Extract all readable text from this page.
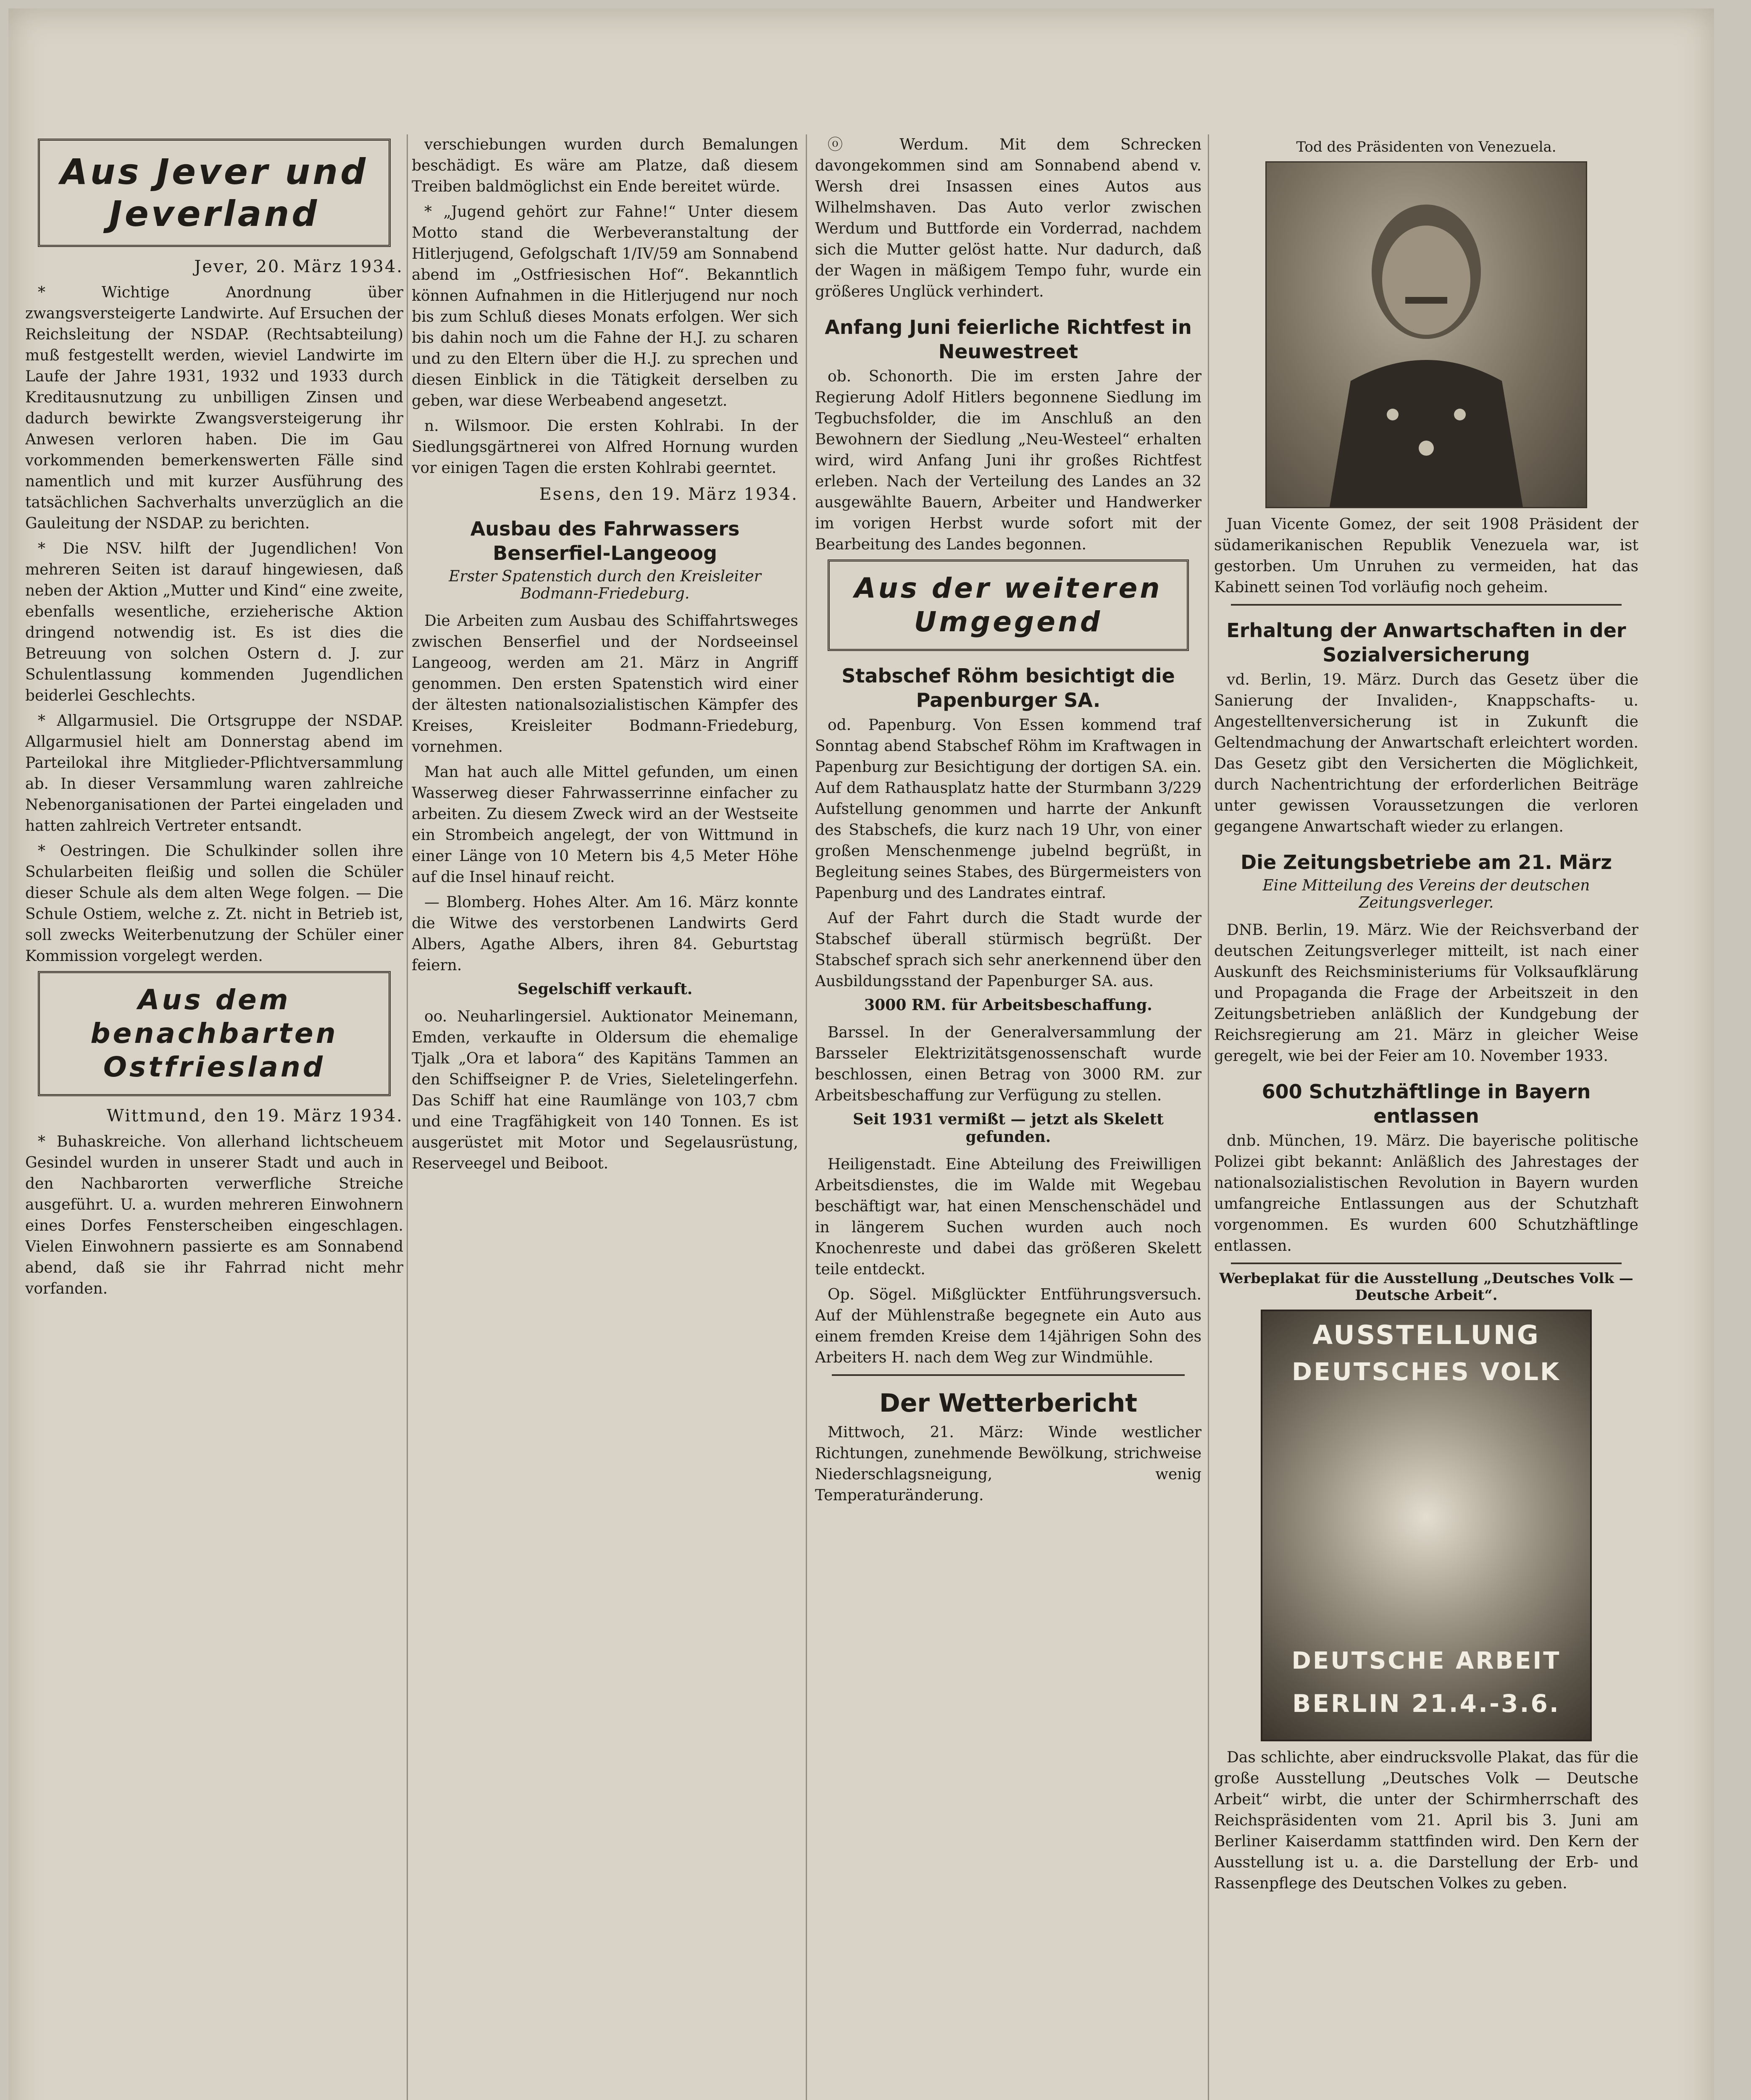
Aus Jever und Jeverland
Jever, 20. März 1934.

* Wichtige Anordnung über zwangsversteigerte Landwirte. Auf Ersuchen der Reichsleitung der NSDAP. (Rechtsabteilung) muß festgestellt werden, wieviel Landwirte im Laufe der Jahre 1931, 1932 und 1933 durch Kreditausnutzung zu unbilligen Zinsen und dadurch bewirkte Zwangsversteigerung ihr Anwesen verloren haben. Die im Gau vorkommenden bemerkenswerten Fälle sind namentlich und mit kurzer Ausführung des tatsächlichen Sachverhalts unverzüglich an die Gauleitung der NSDAP. zu berichten.

* Die NSV. hilft der Jugendlichen! Von mehreren Seiten ist darauf hingewiesen, daß neben der Aktion „Mutter und Kind“ eine zweite, ebenfalls wesentliche, erzieherische Aktion dringend notwendig ist. Es ist dies die Betreuung von solchen Ostern d. J. zur Schulentlassung kommenden Jugendlichen beiderlei Geschlechts.

* Allgarmusiel. Die Ortsgruppe der NSDAP. Allgarmusiel hielt am Donnerstag abend im Parteilokal ihre Mitglieder-Pflichtversammlung ab. In dieser Versammlung waren zahlreiche Nebenorganisationen der Partei eingeladen und hatten zahlreich Vertreter entsandt.

* Oestringen. Die Schulkinder sollen ihre Schularbeiten fleißig und sollen die Schüler dieser Schule als dem alten Wege folgen. — Die Schule Ostiem, welche z. Zt. nicht in Betrieb ist, soll zwecks Weiterbenutzung der Schüler einer Kommission vorgelegt werden.

Aus dem benachbarten Ostfriesland
Wittmund, den 19. März 1934.

* Buhaskreiche. Von allerhand lichtscheuem Gesindel wurden in unserer Stadt und auch in den Nachbarorten verwerfliche Streiche ausgeführt. U. a. wurden mehreren Einwohnern eines Dorfes Fensterscheiben eingeschlagen. Vielen Einwohnern passierte es am Sonnabend abend, daß sie ihr Fahrrad nicht mehr vorfanden.

verschiebungen wurden durch Bemalungen beschädigt. Es wäre am Platze, daß diesem Treiben baldmöglichst ein Ende bereitet würde.

* „Jugend gehört zur Fahne!“ Unter diesem Motto stand die Werbeveranstaltung der Hitlerjugend, Gefolgschaft 1/IV/59 am Sonnabend abend im „Ostfriesischen Hof“. Bekanntlich können Aufnahmen in die Hitlerjugend nur noch bis zum Schluß dieses Monats erfolgen. Wer sich bis dahin noch um die Fahne der H.J. zu scharen und zu den Eltern über die H.J. zu sprechen und diesen Einblick in die Tätigkeit derselben zu geben, war diese Werbeabend angesetzt.

n. Wilsmoor. Die ersten Kohlrabi. In der Siedlungsgärtnerei von Alfred Hornung wurden vor einigen Tagen die ersten Kohlrabi geerntet.

Esens, den 19. März 1934.
Ausbau des Fahrwassers Benserfiel-Langeoog
Erster Spatenstich durch den Kreisleiter Bodmann-Friedeburg.

Die Arbeiten zum Ausbau des Schiffahrtsweges zwischen Benserfiel und der Nordseeinsel Langeoog, werden am 21. März in Angriff genommen. Den ersten Spatenstich wird einer der ältesten nationalsozialistischen Kämpfer des Kreises, Kreisleiter Bodmann-Friedeburg, vornehmen.

Man hat auch alle Mittel gefunden, um einen Wasserweg dieser Fahrwasserrinne einfacher zu arbeiten. Zu diesem Zweck wird an der Westseite ein Strombeich angelegt, der von Wittmund in einer Länge von 10 Metern bis 4,5 Meter Höhe auf die Insel hinauf reicht.

— Blomberg. Hohes Alter. Am 16. März konnte die Witwe des verstorbenen Landwirts Gerd Albers, Agathe Albers, ihren 84. Geburtstag feiern.

Segelschiff verkauft.

oo. Neuharlingersiel. Auktionator Meinemann, Emden, verkaufte in Oldersum die ehemalige Tjalk „Ora et labora“ des Kapitäns Tammen an den Schiffseigner P. de Vries, Sieletelingerfehn. Das Schiff hat eine Raumlänge von 103,7 cbm und eine Tragfähigkeit von 140 Tonnen. Es ist ausgerüstet mit Motor und Segelausrüstung, Reserveegel und Beiboot.

ⓞ Werdum. Mit dem Schrecken davongekommen sind am Sonnabend abend v. Wersh drei Insassen eines Autos aus Wilhelmshaven. Das Auto verlor zwischen Werdum und Buttforde ein Vorderrad, nachdem sich die Mutter gelöst hatte. Nur dadurch, daß der Wagen in mäßigem Tempo fuhr, wurde ein größeres Unglück verhindert.

Anfang Juni feierliche Richtfest in Neuwestreet

ob. Schonorth. Die im ersten Jahre der Regierung Adolf Hitlers begonnene Siedlung im Tegbuchsfolder, die im Anschluß an den Bewohnern der Siedlung „Neu-Westeel“ erhalten wird, wird Anfang Juni ihr großes Richtfest erleben. Nach der Verteilung des Landes an 32 ausgewählte Bauern, Arbeiter und Handwerker im vorigen Herbst wurde sofort mit der Bearbeitung des Landes begonnen.

Aus der weiteren Umgegend
Stabschef Röhm besichtigt die Papenburger SA.

od. Papenburg. Von Essen kommend traf Sonntag abend Stabschef Röhm im Kraftwagen in Papenburg zur Besichtigung der dortigen SA. ein. Auf dem Rathausplatz hatte der Sturmbann 3/229 Aufstellung genommen und harrte der Ankunft des Stabschefs, die kurz nach 19 Uhr, von einer großen Menschenmenge jubelnd begrüßt, in Begleitung seines Stabes, des Bürgermeisters von Papenburg und des Landrates eintraf.

Auf der Fahrt durch die Stadt wurde der Stabschef überall stürmisch begrüßt. Der Stabschef sprach sich sehr anerkennend über den Ausbildungsstand der Papenburger SA. aus.

3000 RM. für Arbeitsbeschaffung.

Barssel. In der Generalversammlung der Barsseler Elektrizitätsgenossenschaft wurde beschlossen, einen Betrag von 3000 RM. zur Arbeitsbeschaffung zur Verfügung zu stellen.

Seit 1931 vermißt — jetzt als Skelett gefunden.

Heiligenstadt. Eine Abteilung des Freiwilligen Arbeitsdienstes, die im Walde mit Wegebau beschäftigt war, hat einen Menschenschädel und in längerem Suchen wurden auch noch Knochenreste und dabei das größeren Skelett teile entdeckt.

Op. Sögel. Mißglückter Entführungsversuch. Auf der Mühlenstraße begegnete ein Auto aus einem fremden Kreise dem 14jährigen Sohn des Arbeiters H. nach dem Weg zur Windmühle.

Der Wetterbericht

Mittwoch, 21. März: Winde westlicher Richtungen, zunehmende Bewölkung, strichweise Niederschlagsneigung, wenig Temperaturänderung.

Tod des Präsidenten von Venezuela.

Juan Vicente Gomez, der seit 1908 Präsident der südamerikanischen Republik Venezuela war, ist gestorben. Um Unruhen zu vermeiden, hat das Kabinett seinen Tod vorläufig noch geheim.

Erhaltung der Anwartschaften in der Sozialversicherung

vd. Berlin, 19. März. Durch das Gesetz über die Sanierung der Invaliden-, Knappschafts- u. Angestelltenversicherung ist in Zukunft die Geltendmachung der Anwartschaft erleichtert worden. Das Gesetz gibt den Versicherten die Möglichkeit, durch Nachentrichtung der erforderlichen Beiträge unter gewissen Voraussetzungen die verloren gegangene Anwartschaft wieder zu erlangen.

Die Zeitungsbetriebe am 21. März
Eine Mitteilung des Vereins der deutschen Zeitungsverleger.

DNB. Berlin, 19. März. Wie der Reichsverband der deutschen Zeitungsverleger mitteilt, ist nach einer Auskunft des Reichsministeriums für Volksaufklärung und Propaganda die Frage der Arbeitszeit in den Zeitungsbetrieben anläßlich der Kundgebung der Reichsregierung am 21. März in gleicher Weise geregelt, wie bei der Feier am 10. November 1933.

600 Schutzhäftlinge in Bayern entlassen

dnb. München, 19. März. Die bayerische politische Polizei gibt bekannt: Anläßlich des Jahrestages der nationalsozialistischen Revolution in Bayern wurden umfangreiche Entlassungen aus der Schutzhaft vorgenommen. Es wurden 600 Schutzhäftlinge entlassen.

Werbeplakat für die Ausstellung „Deutsches Volk — Deutsche Arbeit“.
AUSSTELLUNG
DEUTSCHES VOLK
DEUTSCHE ARBEIT
BERLIN 21.4.-3.6.

Das schlichte, aber eindrucksvolle Plakat, das für die große Ausstellung „Deutsches Volk — Deutsche Arbeit“ wirbt, die unter der Schirmherrschaft des Reichspräsidenten vom 21. April bis 3. Juni am Berliner Kaiserdamm stattfinden wird. Den Kern der Ausstellung ist u. a. die Darstellung der Erb- und Rassenpflege des Deutschen Volkes zu geben.
